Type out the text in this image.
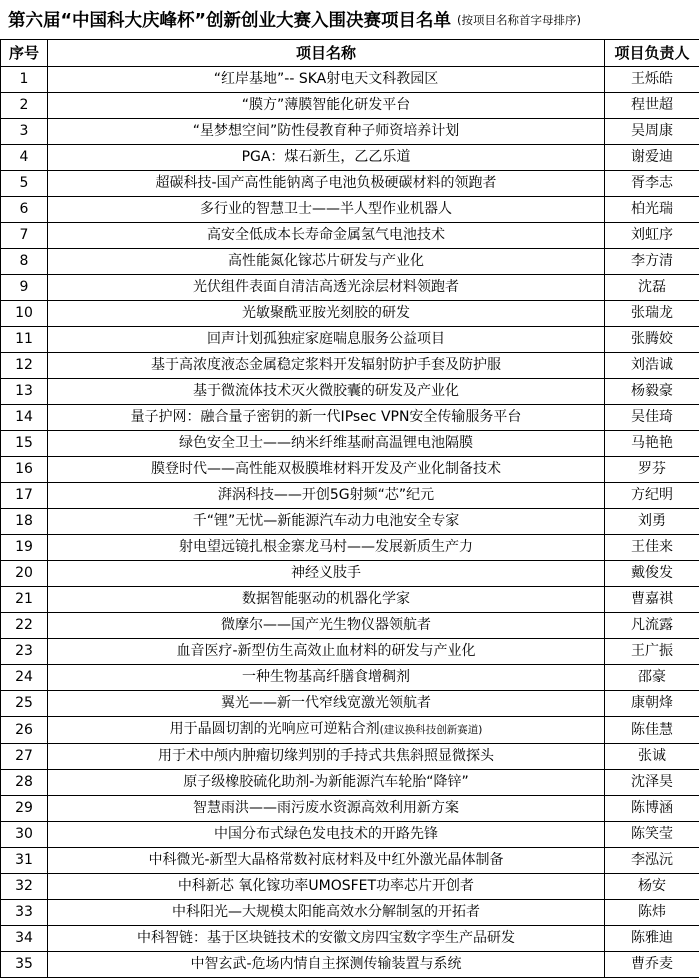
第六届“中国科大庆峰杯”创新创业大赛入围决赛项目名单 (按项目名称首字母排序)
序号	项目名称	项目负责人
1	“红岸基地”-- SKA射电天文科教园区	王烁皓
2	“膜方”薄膜智能化研发平台	程世超
3	“星梦想空间”防性侵教育种子师资培养计划	吴周康
4	PGA：煤石新生，乙乙乐道	谢爱迪
5	超碳科技-国产高性能钠离子电池负极硬碳材料的领跑者	胥李志
6	多行业的智慧卫士——半人型作业机器人	柏光瑞
7	高安全低成本长寿命金属氢气电池技术	刘虹序
8	高性能氮化镓芯片研发与产业化	李方清
9	光伏组件表面自清洁高透光涂层材料领跑者	沈磊
10	光敏聚酰亚胺光刻胶的研发	张瑞龙
11	回声计划孤独症家庭喘息服务公益项目	张腾姣
12	基于高浓度液态金属稳定浆料开发辐射防护手套及防护服	刘浩诚
13	基于微流体技术灭火微胶囊的研发及产业化	杨毅豪
14	量子护网：融合量子密钥的新一代IPsec VPN安全传输服务平台	吴佳琦
15	绿色安全卫士——纳米纤维基耐高温锂电池隔膜	马艳艳
16	膜登时代——高性能双极膜堆材料开发及产业化制备技术	罗芬
17	湃涡科技——开创5G射频“芯”纪元	方纪明
18	千“锂”无忧—新能源汽车动力电池安全专家	刘勇
19	射电望远镜扎根金寨龙马村——发展新质生产力	王佳来
20	神经义肢手	戴俊发
21	数据智能驱动的机器化学家	曹嘉祺
22	微摩尔——国产光生物仪器领航者	凡流露
23	血音医疗-新型仿生高效止血材料的研发与产业化	王广振
24	一种生物基高纤膳食增稠剂	邵豪
25	翼光——新一代窄线宽激光领航者	康朝烽
26	用于晶圆切割的光响应可逆粘合剂(建议换科技创新赛道)	陈佳慧
27	用于术中颅内肿瘤切缘判别的手持式共焦斜照显微探头	张诚
28	原子级橡胶硫化助剂-为新能源汽车轮胎“降锌”	沈泽昊
29	智慧雨洪——雨污废水资源高效利用新方案	陈博涵
30	中国分布式绿色发电技术的开路先锋	陈笑莹
31	中科微光-新型大晶格常数衬底材料及中红外激光晶体制备	李泓沅
32	中科新芯 氧化镓功率UMOSFET功率芯片开创者	杨安
33	中科阳光—大规模太阳能高效水分解制氢的开拓者	陈炜
34	中科智链：基于区块链技术的安徽文房四宝数字孪生产品研发	陈雅迪
35	中智玄武-危场内情自主探测传输装置与系统	曹乔麦
